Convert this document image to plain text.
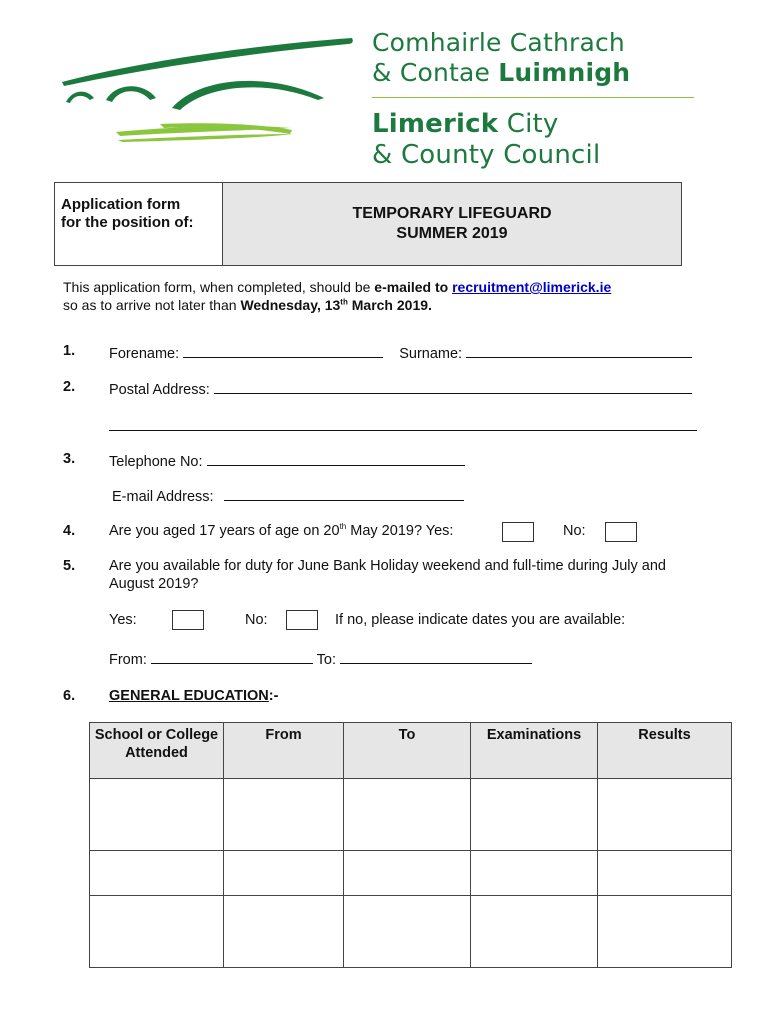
Comhairle Cathrach
& Contae Luimnigh
Limerick City
& County Council
Application form
for the position of:
TEMPORARY LIFEGUARD
SUMMER 2019
This application form, when completed, should be e-mailed to recruitment@limerick.ie
so as to arrive not later than Wednesday, 13th March 2019.
1. Forename:	Surname:
2. Postal Address:
3. Telephone No:
E-mail Address:
4. Are you aged 17 years of age on 20th May 2019? Yes:	No:
5. Are you available for duty for June Bank Holiday weekend and full-time during July and
August 2019?
Yes:	No:	If no, please indicate dates you are available:
From:	To:
6. GENERAL EDUCATION:-
School or College Attended	From	To	Examinations	Results
